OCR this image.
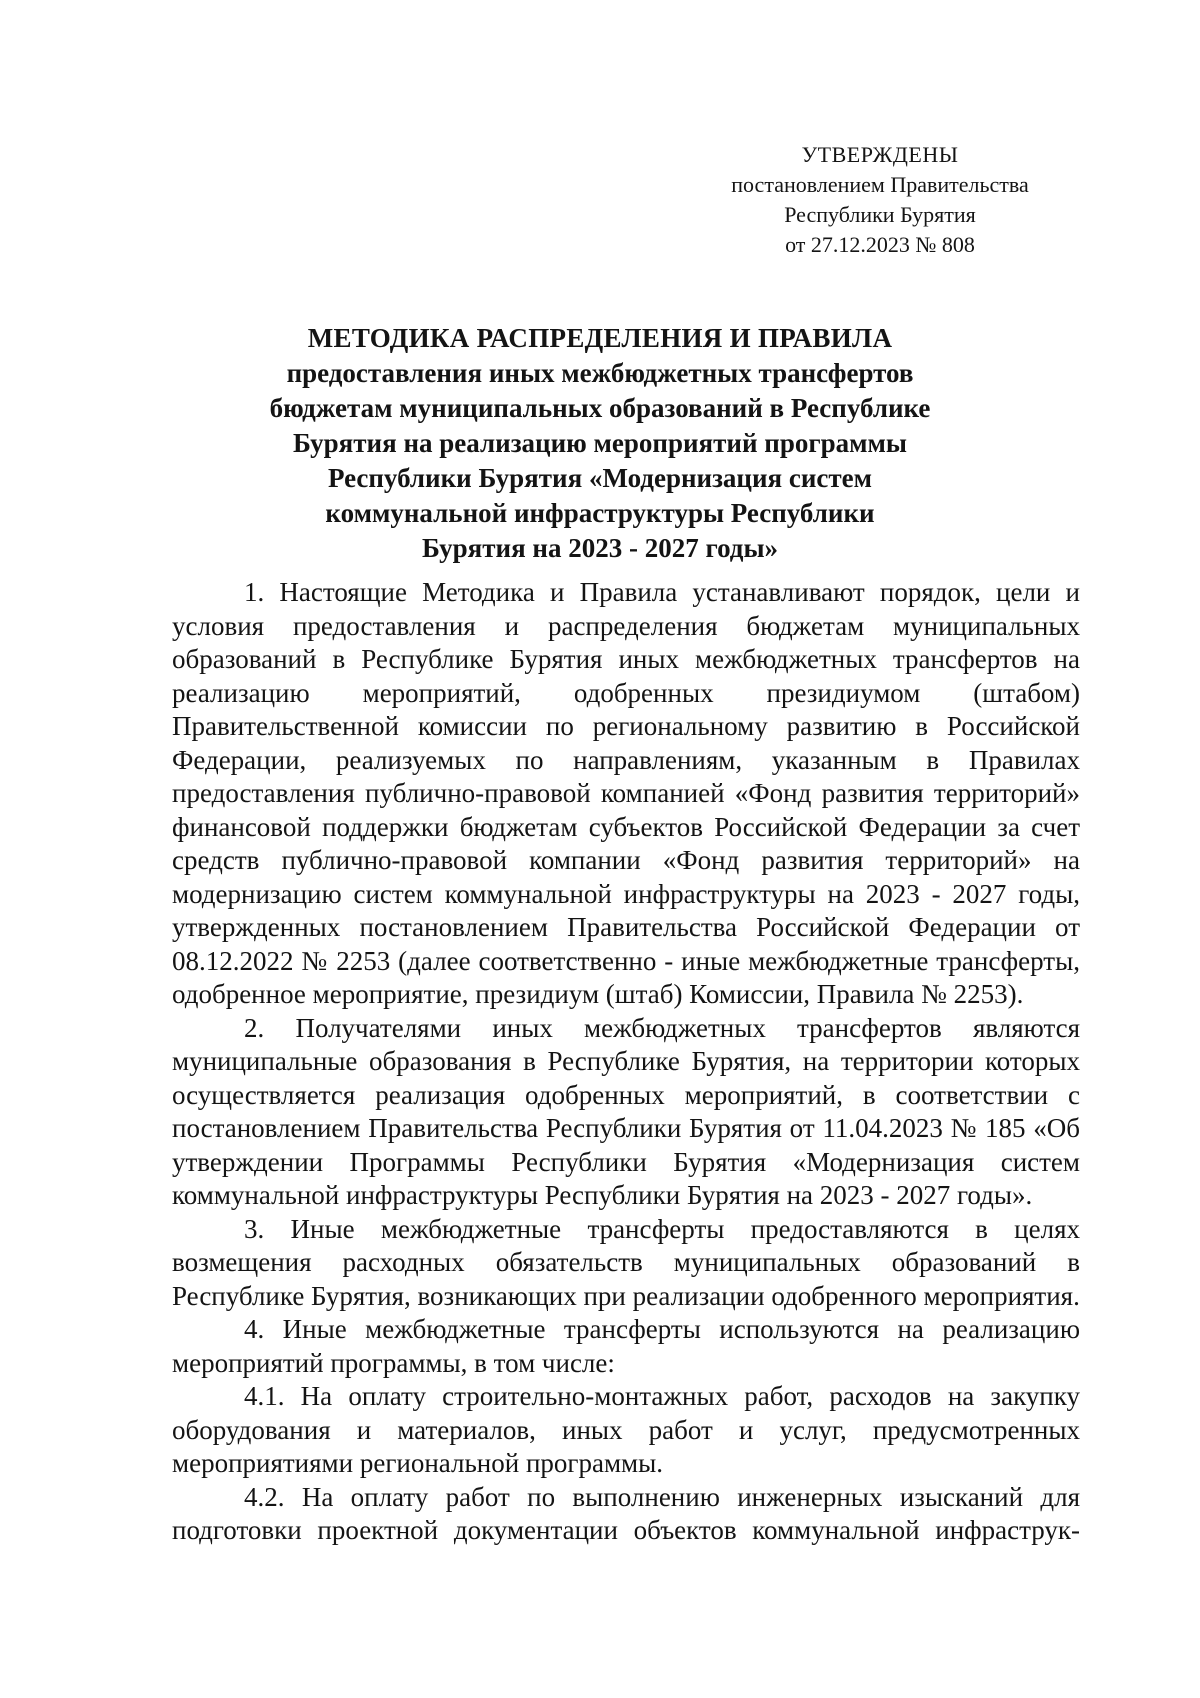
УТВЕРЖДЕНЫ
постановлением Правительства
Республики Бурятия
от 27.12.2023 № 808
МЕТОДИКА РАСПРЕДЕЛЕНИЯ И ПРАВИЛА
предоставления иных межбюджетных трансфертов
бюджетам муниципальных образований в Республике
Бурятия на реализацию мероприятий программы
Республики Бурятия «Модернизация систем
коммунальной инфраструктуры Республики
Бурятия на 2023 - 2027 годы»

1. Настоящие Методика и Правила устанавливают порядок, цели и условия предоставления и распределения бюджетам муниципальных образований в Республике Бурятия иных межбюджетных трансфертов на реализацию мероприятий, одобренных президиумом (штабом) Правительственной комиссии по региональному развитию в Российской Федерации, реализуемых по направлениям, указанным в Правилах предоставления публично-правовой компанией «Фонд развития территорий» финансовой поддержки бюджетам субъектов Российской Федерации за счет средств публично-правовой компании «Фонд развития территорий» на модернизацию систем коммунальной инфраструктуры на 2023 - 2027 годы, утвержденных постановлением Правительства Российской Федерации от 08.12.2022 № 2253 (далее соответственно - иные межбюджетные трансферты, одобренное мероприятие, президиум (штаб) Комиссии, Правила № 2253).

2. Получателями иных межбюджетных трансфертов являются муниципальные образования в Республике Бурятия, на территории которых осуществляется реализация одобренных мероприятий, в соответствии с постановлением Правительства Республики Бурятия от 11.04.2023 № 185 «Об утверждении Программы Республики Бурятия «Модернизация систем коммунальной инфраструктуры Республики Бурятия на 2023 - 2027 годы».

3. Иные межбюджетные трансферты предоставляются в целях возмещения расходных обязательств муниципальных образований в Республике Бурятия, возникающих при реализации одобренного мероприятия.

4. Иные межбюджетные трансферты используются на реализацию мероприятий программы, в том числе:

4.1. На оплату строительно-монтажных работ, расходов на закупку оборудования и материалов, иных работ и услуг, предусмотренных мероприятиями региональной программы.

4.2. На оплату работ по выполнению инженерных изысканий для подготовки проектной документации объектов коммунальной инфраструк-
